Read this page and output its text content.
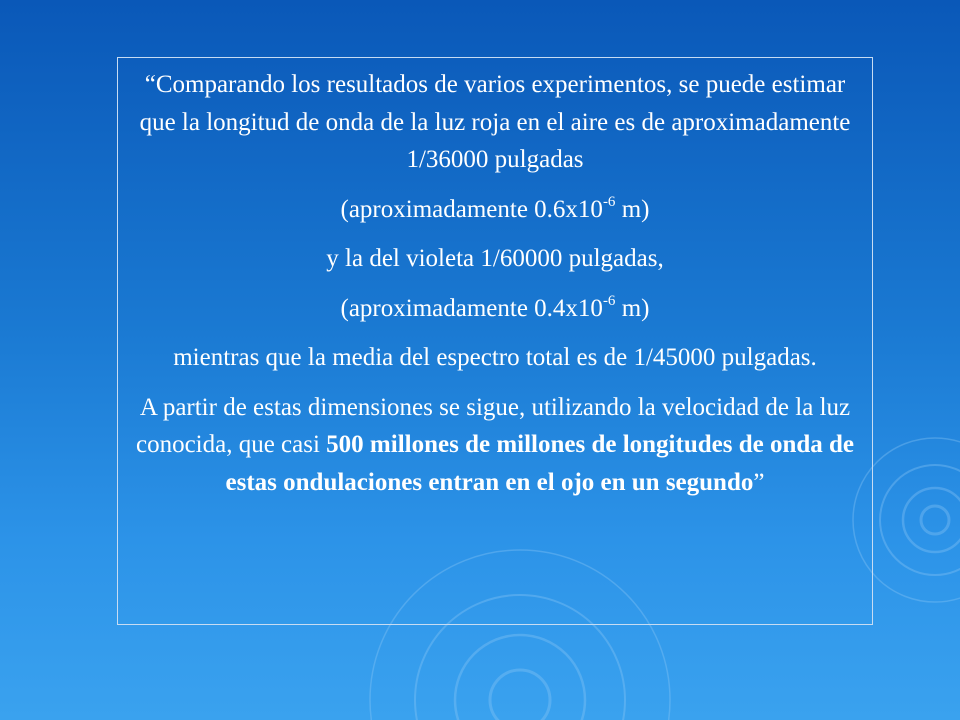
“Comparando los resultados de varios experimentos, se puede estimar que la longitud de onda de la luz roja en el aire es de aproximadamente 1/36000 pulgadas

(aproximadamente $0.6x10^{-6}$ m)

y la del violeta 1/60000 pulgadas,

(aproximadamente $0.4x10^{-6}$ m)

mientras que la media del espectro total es de 1/45000 pulgadas.

A partir de estas dimensiones se sigue, utilizando la velocidad de la luz conocida, que casi 500 millones de millones de longitudes de onda de estas ondulaciones entran en el ojo en un segundo”
